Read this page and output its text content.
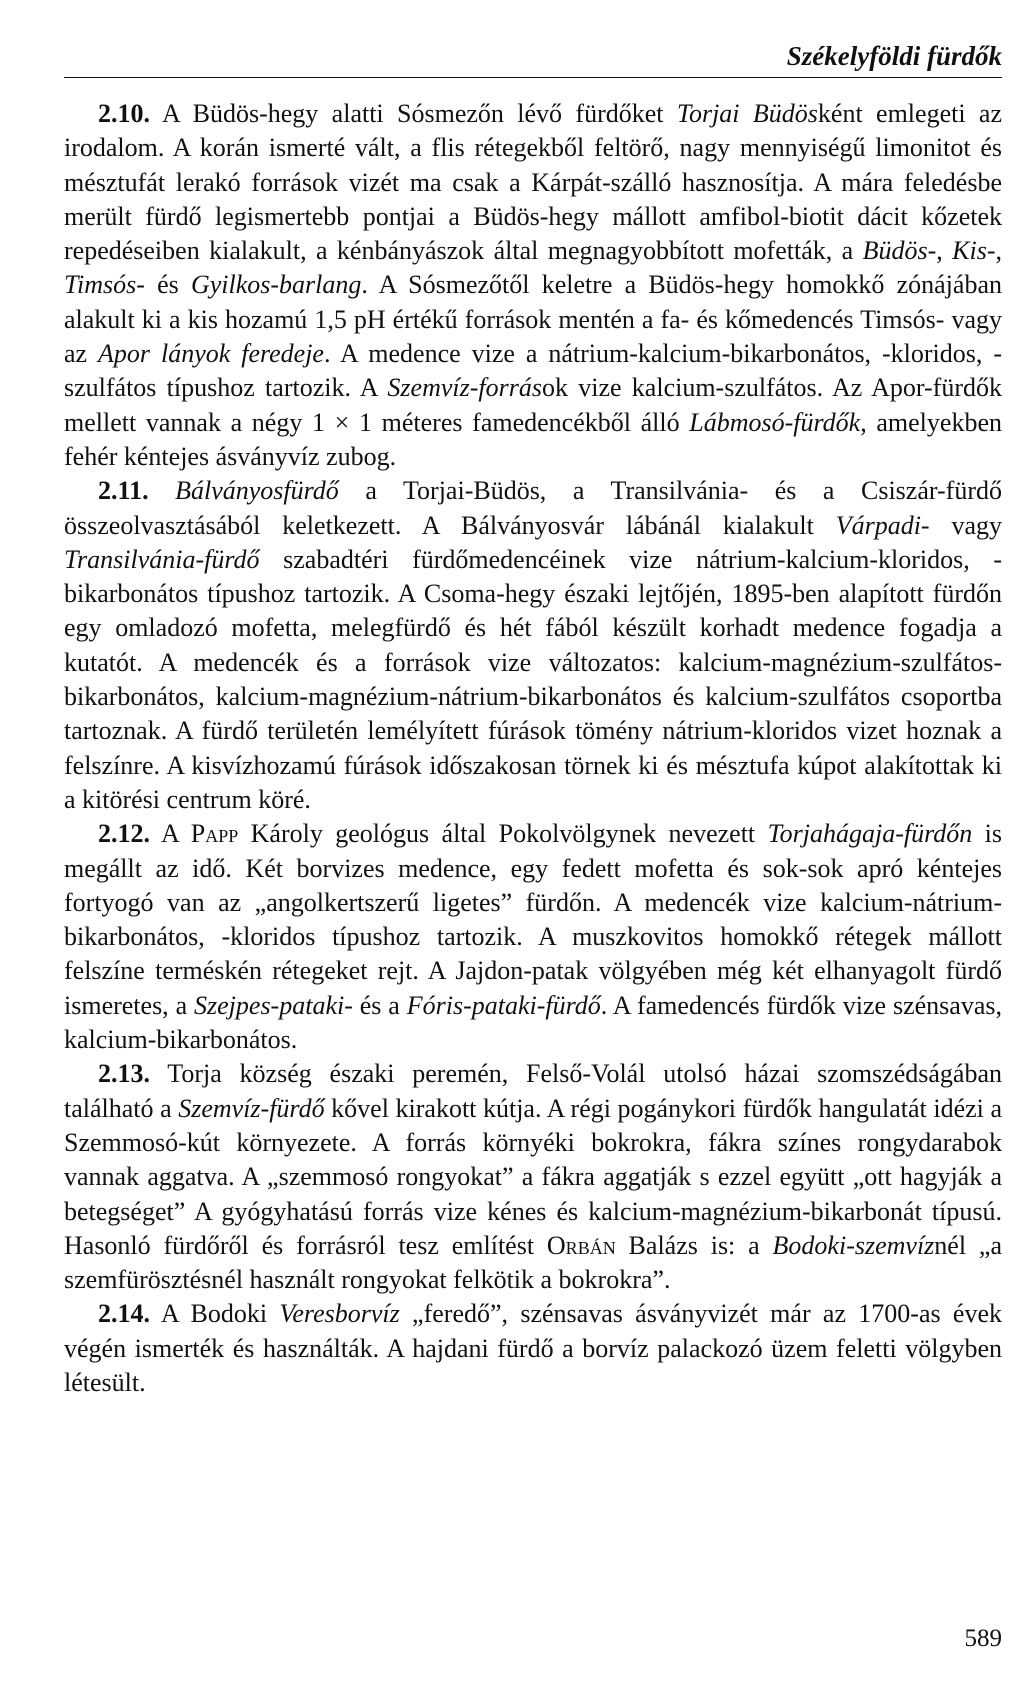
Székelyföldi fürdők

2.10. A Büdös-hegy alatti Sósmezőn lévő fürdőket Torjai Büdösként emlegeti az irodalom. A korán ismerté vált, a flis rétegekből feltörő, nagy mennyiségű limonitot és mésztufát lerakó források vizét ma csak a Kárpát-szálló hasznosítja. A mára feledésbe merült fürdő legismertebb pontjai a Büdös-hegy mállott amfibol-biotit dácit kőzetek repedéseiben kialakult, a kénbányászok által megnagyobbított mofetták, a Büdös-, Kis-, Timsós- és Gyilkos-barlang. A Sósmezőtől keletre a Büdös-hegy homokkő zónájában alakult ki a kis hozamú 1,5 pH értékű források mentén a fa- és kőmedencés Timsós- vagy az Apor lányok feredeje. A medence vize a nátrium-kalcium-bikarbonátos, -kloridos, -szulfátos típushoz tartozik. A Szemvíz-források vize kalcium-szulfátos. Az Apor-fürdők mellett vannak a négy 1 × 1 méteres famedencékből álló Lábmosó-fürdők, amelyekben fehér kéntejes ásványvíz zubog.

2.11. Bálványosfürdő a Torjai-Büdös, a Transilvánia- és a Csiszár-fürdő összeolvasztásából keletkezett. A Bálványosvár lábánál kialakult Várpadi- vagy Transilvánia-fürdő szabadtéri fürdőmedencéinek vize nátrium-kalcium-kloridos, -bikarbonátos típushoz tartozik. A Csoma-hegy északi lejtőjén, 1895-ben alapított fürdőn egy omladozó mofetta, melegfürdő és hét fából készült korhadt medence fogadja a kutatót. A medencék és a források vize változatos: kalcium-magnézium-szulfátos-bikarbonátos, kalcium-magnézium-nátrium-bikarbonátos és kalcium-szulfátos csoportba tartoznak. A fürdő területén lemélyített fúrások tömény nátrium-kloridos vizet hoznak a felszínre. A kisvízhozamú fúrások időszakosan törnek ki és mésztufa kúpot alakítottak ki a kitörési centrum köré.

2.12. A Papp Károly geológus által Pokolvölgynek nevezett Torjahágaja-fürdőn is megállt az idő. Két borvizes medence, egy fedett mofetta és sok-sok apró kéntejes fortyogó van az „angolkertszerű ligetes” fürdőn. A medencék vize kalcium-nátrium-bikarbonátos, -kloridos típushoz tartozik. A muszkovitos homokkő rétegek mállott felszíne terméskén rétegeket rejt. A Jajdon-patak völgyében még két elhanyagolt fürdő ismeretes, a Szejpes-pataki- és a Fóris-pataki-fürdő. A famedencés fürdők vize szénsavas, kalcium-bikarbonátos.

2.13. Torja község északi peremén, Felső-Volál utolsó házai szomszédságában található a Szemvíz-fürdő kővel kirakott kútja. A régi pogánykori fürdők hangulatát idézi a Szemmosó-kút környezete. A forrás környéki bokrokra, fákra színes rongydarabok vannak aggatva. A „szemmosó rongyokat” a fákra aggatják s ezzel együtt „ott hagyják a betegséget” A gyógyhatású forrás vize kénes és kalcium-magnézium-bikarbonát típusú. Hasonló fürdőről és forrásról tesz említést Orbán Balázs is: a Bodoki-szemvíznél „a szemfürösztésnél használt rongyokat felkötik a bokrokra”.

2.14. A Bodoki Veresborvíz „feredő”, szénsavas ásványvizét már az 1700-as évek végén ismerték és használták. A hajdani fürdő a borvíz palackozó üzem feletti völgyben létesült.

589
